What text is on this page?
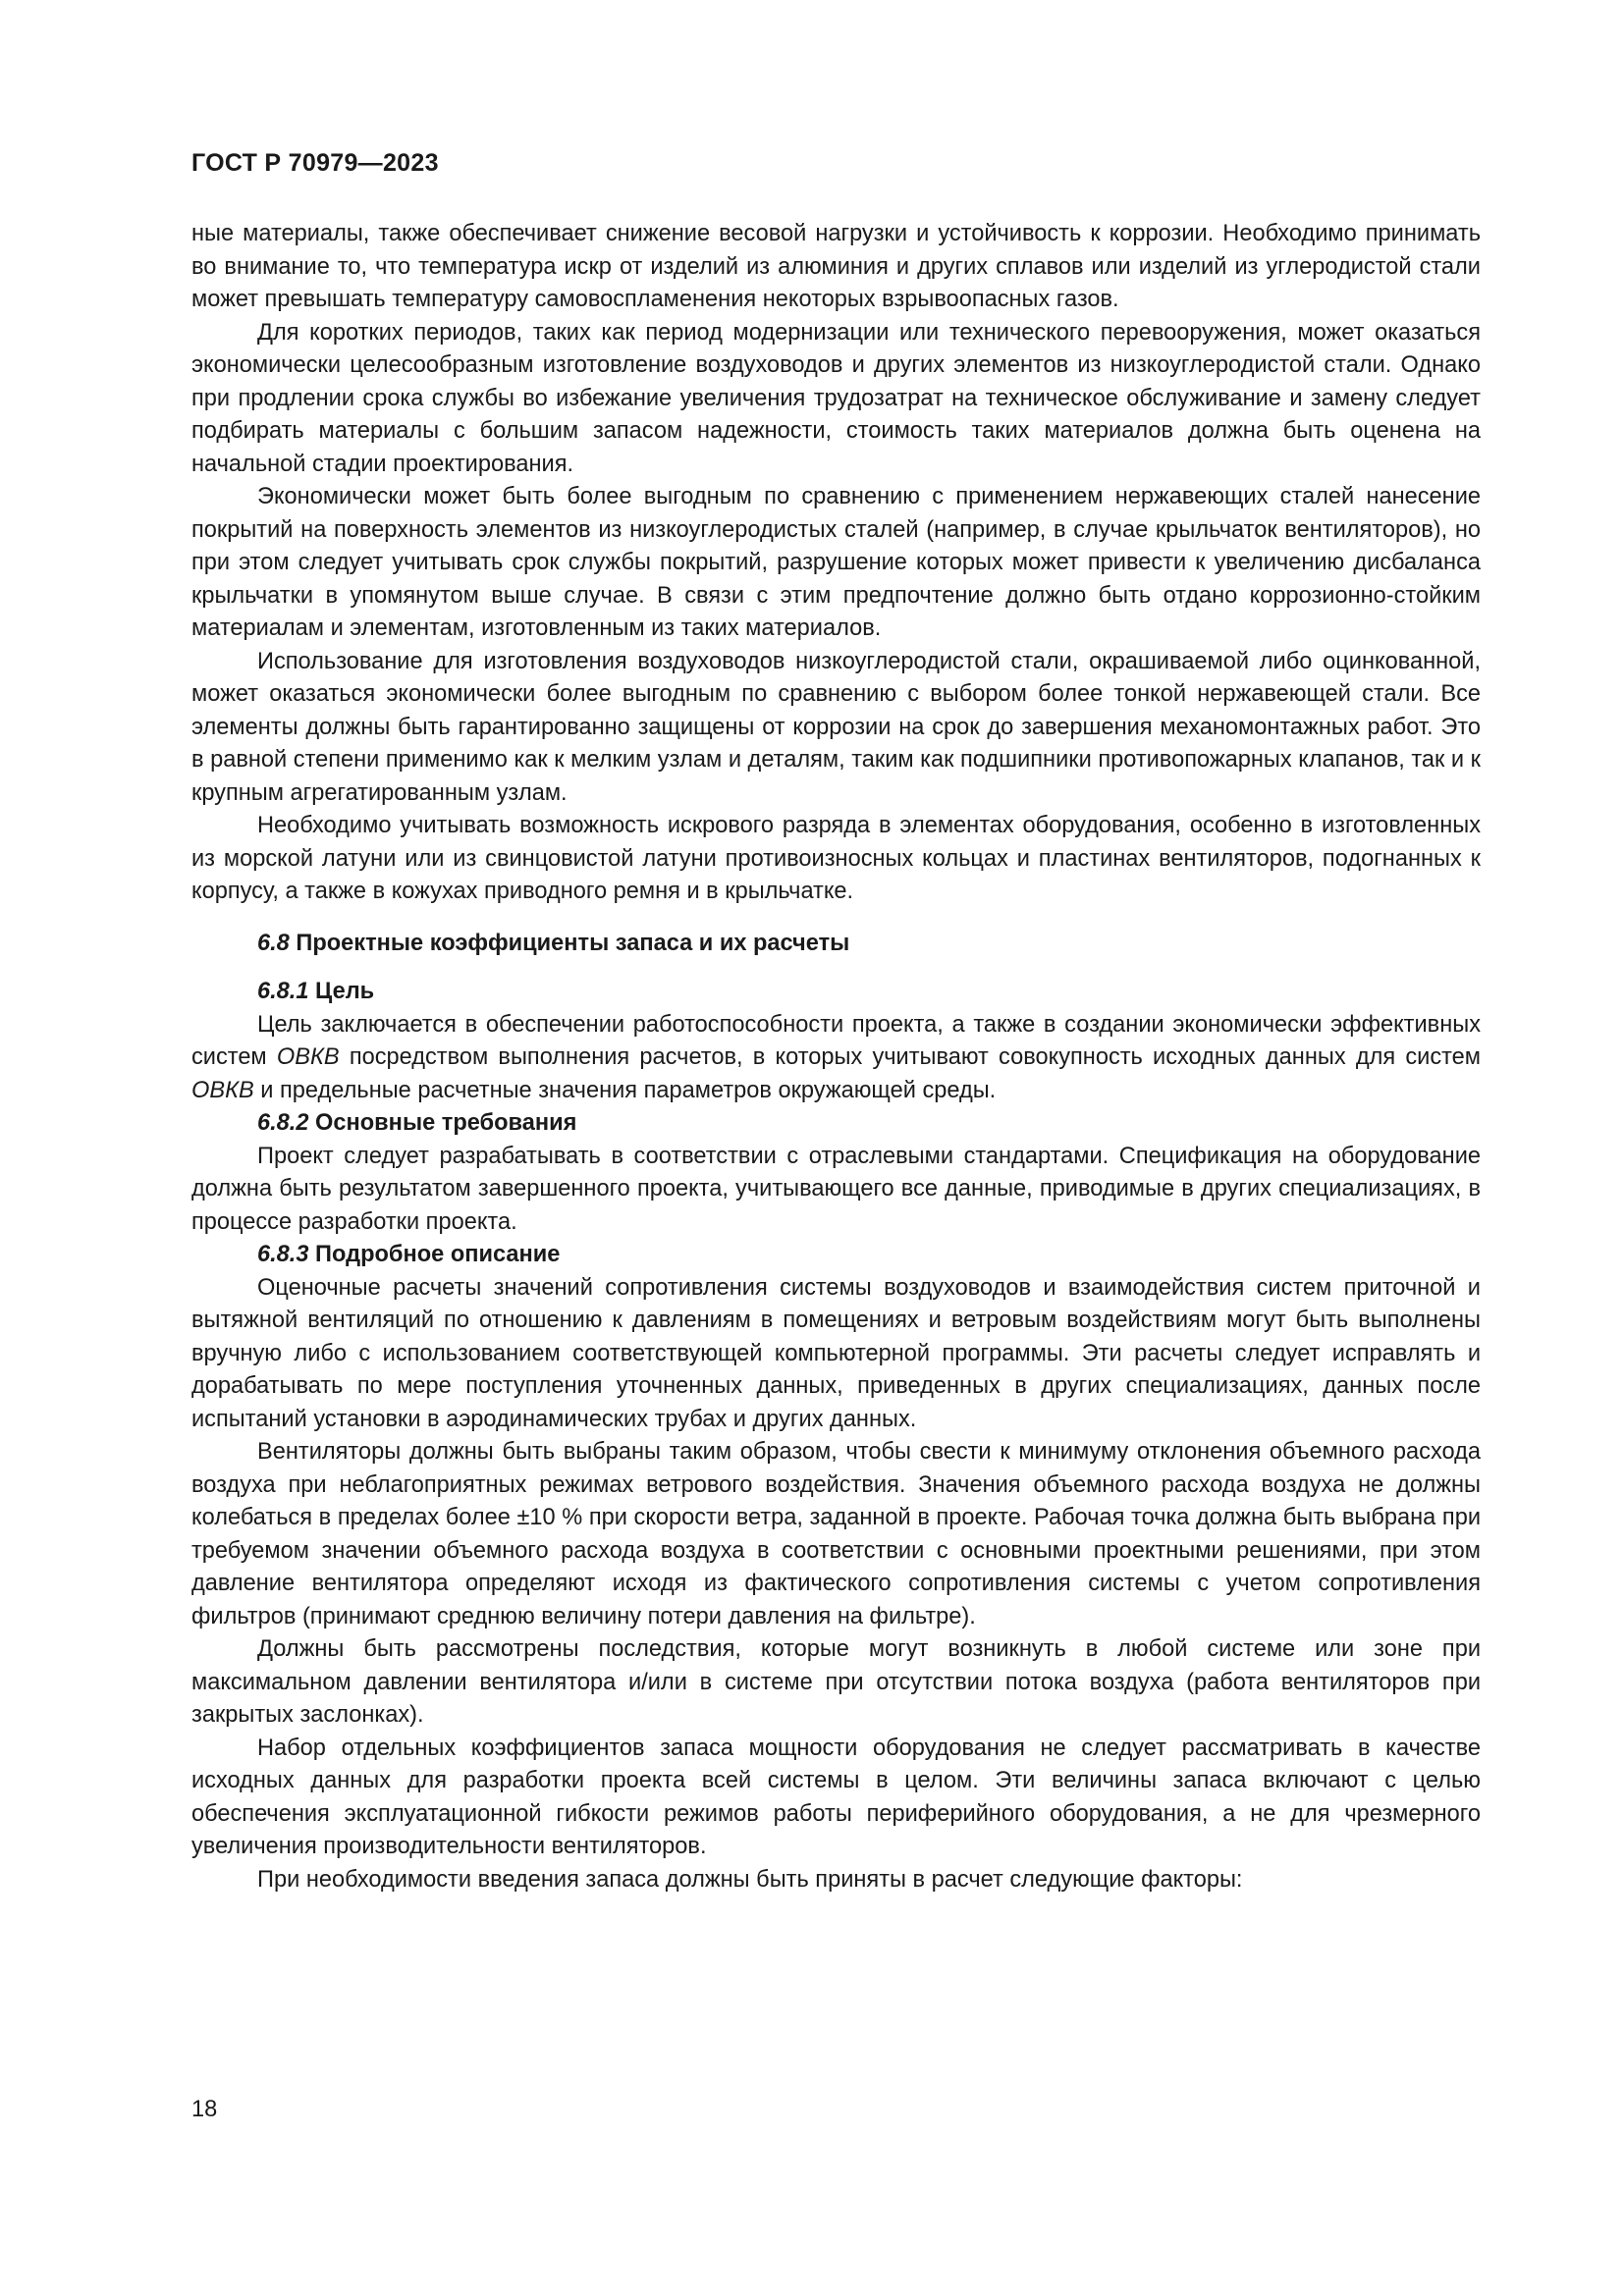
ГОСТ Р 70979—2023

ные материалы, также обеспечивает снижение весовой нагрузки и устойчивость к коррозии. Необходимо принимать во внимание то, что температура искр от изделий из алюминия и других сплавов или изделий из углеродистой стали может превышать температуру самовоспламенения некоторых взрывоопасных газов.

Для коротких периодов, таких как период модернизации или технического перевооружения, может оказаться экономически целесообразным изготовление воздуховодов и других элементов из низкоуглеродистой стали. Однако при продлении срока службы во избежание увеличения трудозатрат на техническое обслуживание и замену следует подбирать материалы с большим запасом надежности, стоимость таких материалов должна быть оценена на начальной стадии проектирования.

Экономически может быть более выгодным по сравнению с применением нержавеющих сталей нанесение покрытий на поверхность элементов из низкоуглеродистых сталей (например, в случае крыльчаток вентиляторов), но при этом следует учитывать срок службы покрытий, разрушение которых может привести к увеличению дисбаланса крыльчатки в упомянутом выше случае. В связи с этим предпочтение должно быть отдано коррозионно-стойким материалам и элементам, изготовленным из таких материалов.

Использование для изготовления воздуховодов низкоуглеродистой стали, окрашиваемой либо оцинкованной, может оказаться экономически более выгодным по сравнению с выбором более тонкой нержавеющей стали. Все элементы должны быть гарантированно защищены от коррозии на срок до завершения механомонтажных работ. Это в равной степени применимо как к мелким узлам и деталям, таким как подшипники противопожарных клапанов, так и к крупным агрегатированным узлам.

Необходимо учитывать возможность искрового разряда в элементах оборудования, особенно в изготовленных из морской латуни или из свинцовистой латуни противоизносных кольцах и пластинах вентиляторов, подогнанных к корпусу, а также в кожухах приводного ремня и в крыльчатке.

6.8 Проектные коэффициенты запаса и их расчеты

6.8.1 Цель

Цель заключается в обеспечении работоспособности проекта, а также в создании экономически эффективных систем ОВКВ посредством выполнения расчетов, в которых учитывают совокупность исходных данных для систем ОВКВ и предельные расчетные значения параметров окружающей среды.

6.8.2 Основные требования

Проект следует разрабатывать в соответствии с отраслевыми стандартами. Спецификация на оборудование должна быть результатом завершенного проекта, учитывающего все данные, приводимые в других специализациях, в процессе разработки проекта.

6.8.3 Подробное описание

Оценочные расчеты значений сопротивления системы воздуховодов и взаимодействия систем приточной и вытяжной вентиляций по отношению к давлениям в помещениях и ветровым воздействиям могут быть выполнены вручную либо с использованием соответствующей компьютерной программы. Эти расчеты следует исправлять и дорабатывать по мере поступления уточненных данных, приведенных в других специализациях, данных после испытаний установки в аэродинамических трубах и других данных.

Вентиляторы должны быть выбраны таким образом, чтобы свести к минимуму отклонения объемного расхода воздуха при неблагоприятных режимах ветрового воздействия. Значения объемного расхода воздуха не должны колебаться в пределах более ±10 % при скорости ветра, заданной в проекте. Рабочая точка должна быть выбрана при требуемом значении объемного расхода воздуха в соответствии с основными проектными решениями, при этом давление вентилятора определяют исходя из фактического сопротивления системы с учетом сопротивления фильтров (принимают среднюю величину потери давления на фильтре).

Должны быть рассмотрены последствия, которые могут возникнуть в любой системе или зоне при максимальном давлении вентилятора и/или в системе при отсутствии потока воздуха (работа вентиляторов при закрытых заслонках).

Набор отдельных коэффициентов запаса мощности оборудования не следует рассматривать в качестве исходных данных для разработки проекта всей системы в целом. Эти величины запаса включают с целью обеспечения эксплуатационной гибкости режимов работы периферийного оборудования, а не для чрезмерного увеличения производительности вентиляторов.

При необходимости введения запаса должны быть приняты в расчет следующие факторы:

18
